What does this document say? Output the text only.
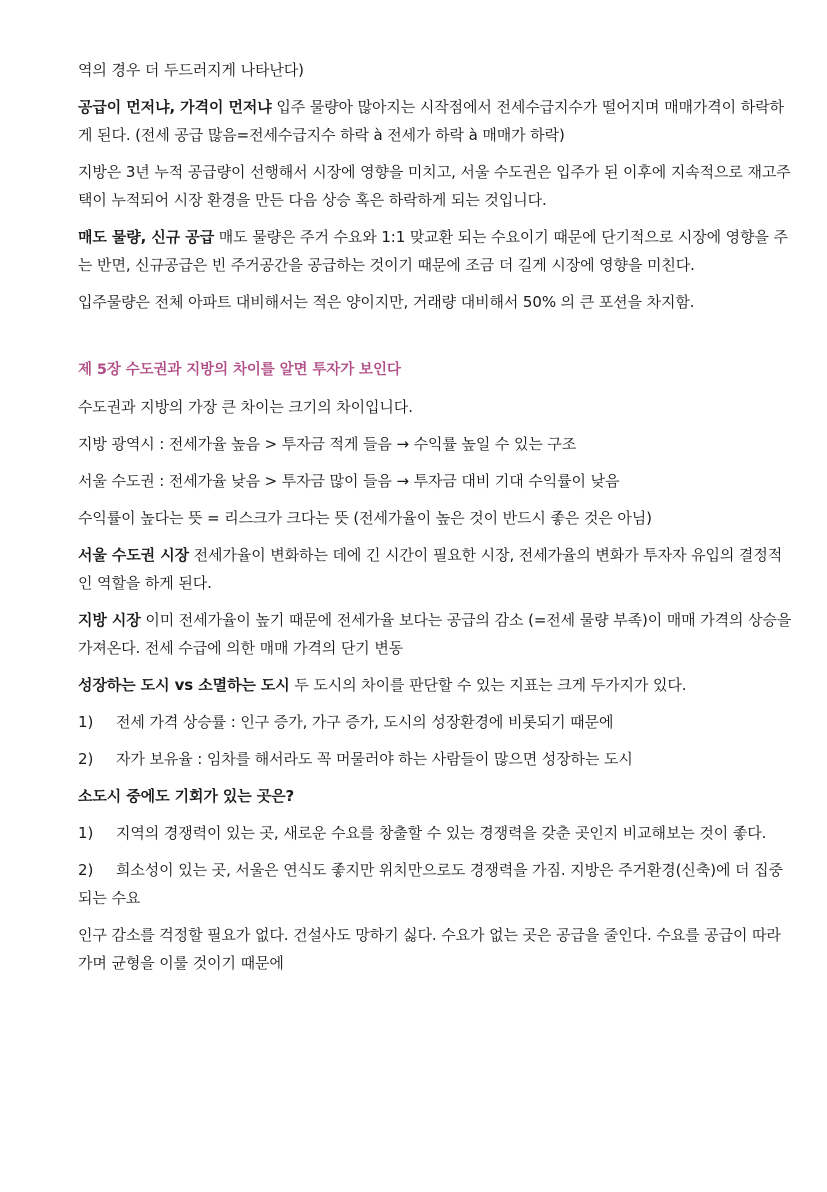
역의 경우 더 두드러지게 나타난다)

공급이 먼저냐, 가격이 먼저냐 입주 물량아 많아지는 시작점에서 전세수급지수가 떨어지며 매매가격이 하락하게 된다. (전세 공급 많음=전세수급지수 하락 à 전세가 하락 à 매매가 하락)

지방은 3년 누적 공급량이 선행해서 시장에 영향을 미치고, 서울 수도권은 입주가 된 이후에 지속적으로 재고주택이 누적되어 시장 환경을 만든 다음 상승 혹은 하락하게 되는 것입니다.

매도 물량, 신규 공급 매도 물량은 주거 수요와 1:1 맞교환 되는 수요이기 때문에 단기적으로 시장에 영향을 주는 반면, 신규공급은 빈 주거공간을 공급하는 것이기 때문에 조금 더 길게 시장에 영향을 미친다.

입주물량은 전체 아파트 대비해서는 적은 양이지만, 거래량 대비해서 50% 의 큰 포션을 차지함.

제 5장 수도권과 지방의 차이를 알면 투자가 보인다

수도권과 지방의 가장 큰 차이는 크기의 차이입니다.

지방 광역시 : 전세가율 높음 > 투자금 적게 들음 → 수익률 높일 수 있는 구조

서울 수도권 : 전세가율 낮음 > 투자금 많이 들음 → 투자금 대비 기대 수익률이 낮음

수익률이 높다는 뜻 = 리스크가 크다는 뜻 (전세가율이 높은 것이 반드시 좋은 것은 아님)

서울 수도권 시장 전세가율이 변화하는 데에 긴 시간이 필요한 시장, 전세가율의 변화가 투자자 유입의 결정적인 역할을 하게 된다.

지방 시장 이미 전세가율이 높기 때문에 전세가율 보다는 공급의 감소 (=전세 물량 부족)이 매매 가격의 상승을 가져온다. 전세 수급에 의한 매매 가격의 단기 변동

성장하는 도시 vs 소멸하는 도시 두 도시의 차이를 판단할 수 있는 지표는 크게 두가지가 있다.

1) 전세 가격 상승률 : 인구 증가, 가구 증가, 도시의 성장환경에 비롯되기 때문에

2) 자가 보유율 : 임차를 해서라도 꼭 머물러야 하는 사람들이 많으면 성장하는 도시

소도시 중에도 기회가 있는 곳은?

1) 지역의 경쟁력이 있는 곳, 새로운 수요를 창출할 수 있는 경쟁력을 갖춘 곳인지 비교해보는 것이 좋다.

2) 희소성이 있는 곳, 서울은 연식도 좋지만 위치만으로도 경쟁력을 가짐. 지방은 주거환경(신축)에 더 집중되는 수요

인구 감소를 걱정할 필요가 없다. 건설사도 망하기 싫다. 수요가 없는 곳은 공급을 줄인다. 수요를 공급이 따라가며 균형을 이룰 것이기 때문에
